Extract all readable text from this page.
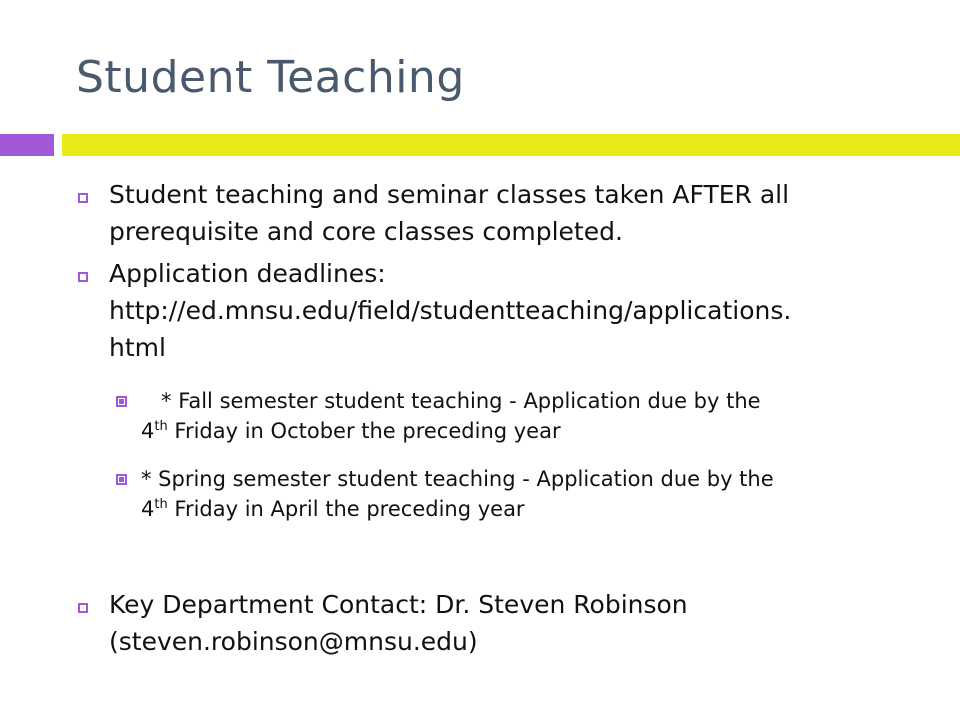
Student Teaching
Student teaching and seminar classes taken AFTER all
prerequisite and core classes completed.
Application deadlines:
http://ed.mnsu.edu/field/studentteaching/applications.
html
* Fall semester student teaching - Application due by the
4th Friday in October the preceding year
* Spring semester student teaching - Application due by the
4th Friday in April the preceding year
Key Department Contact: Dr. Steven Robinson
(steven.robinson@mnsu.edu)
